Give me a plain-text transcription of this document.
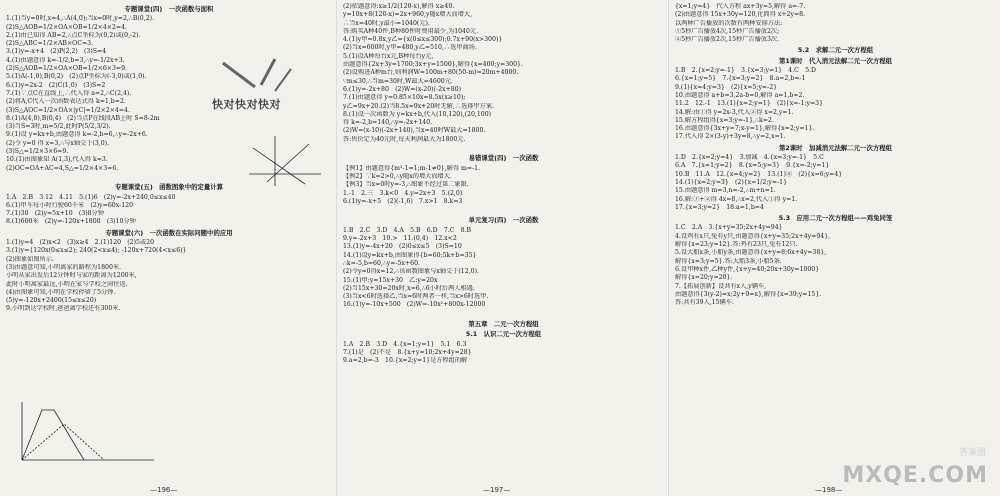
专题课堂(四)　一次函数与面积

1.(1)当y=0时,x=4,∴A(4,0);当x=0时,y=2,∴B(0,2).

(2)S△AOB=1/2×OA×OB=1/2×4×2=4.

2.(1)由已知得 AB=2,∴点C坐标为(0,2)或(0,-2).

(2)S△ABC=1/2×AB×OC=3.

3.(1)y=-x+4　(2)P(2,2)　(3)S=4

4.(1)由题意得 k=-1/2,b=3,∴y=-1/2x+3.

(2)S△AOB=1/2×OA×OB=1/2×6×3=9.

5.(1)A(-1,0),B(0,2)　(2)点P坐标为(-3,0)或(1,0).

6.(1)y=2x-2　(2)C(1,0)　(3)S=2

7.(1)∵点C在直线上,∴代入得 a=2,∴C(2,4).

(2)将A,C代入一次函数表达式得 k=1,b=2.

(3)S△AOC=1/2×OA×|yC|=1/2×2×4=4.

8.(1)A(4,0),B(0,4)　(2)当点P在线段AB上时 S=8-2m

(3)当S=3时,m=5/2,此时P(5/2,3/2).

9.(1)设 y=kx+b,由题意得 k=-2,b=6,∴y=-2x+6.

(2)令 y=0 得 x=3,∴与x轴交于(3,0).

(3)S△=1/2×3×6=9.

10.(1)由图象知 A(1,3),代入得 k=3.

(2)OC=OA+AC=4,S△=1/2×4×3=6.

专题课堂(五)　函数图象中的定量计算

1.A　2.B　3.12　4.11　5.(1)6　(2)y=-2x+240,0≤x≤40

6.(1)甲车每小时行驶60千米　(2)y=60x-120

7.(1)30　(2)y=5x+10　(3)8分钟

8.(1)600米　(2)y=-120x+1800　(3)10分钟

专题课堂(六)　一次函数在实际问题中的应用

1.(1)y=4　(2)x<2　(3)x≥4　2.(1)120　(2)5或20

3.(1)y={120x(0≤x≤2); 240(2<x≤4); -120x+720(4<x≤6)}

(2)图象如图所示.

(3)由题意可知,小明离家的路程为1800米.

小明从家出发后12分钟时与家的距离为1200米,

此时小明离家最远,小明在家与学校之间往返.

(4)由图象可知,小明在学校停留了5分钟.

(5)y=-120x+2400(15≤x≤20)

9.小明到达学校时,爸爸离学校还有300米.

—196—
快对快对快对

(2)依题意得:x≥1/2(120-x),解得 x≥40.

y=10x+8(120-x)=2x+960,y随x增大而增大,

∴当x=40时,y最小=1040(元).

答:购买A种40件,B种80件时费用最少,为1040元.

4.(1)y甲=0.8x,y乙={x(0≤x≤300);0.7x+90(x>300)}

(2)当x=600时,y甲=480,y乙=510,∴选甲商场.

5.(1)设A种每台x元,B种每台y元,

由题意得{2x+3y=1700;3x+y=1500},解得{x=400;y=300}.

(2)设购进A种m台,则利润W=100m+80(50-m)=20m+4000.

∵m≤30,∴当m=30时,W最大=4600元.

6.(1)y=-2x+80　(2)W=(x-20)(-2x+80)

7.(1)由题意得 y=0.85×10x=8.5x(x≥10);

y乙=9x+20.(2)当8.5x=9x+20时无解,∴选择甲方案.

8.(1)设一次函数为 y=kx+b,代入(10,120),(20,100)

得 k=-2,b=140,∴y=-2x+140.

(2)W=(x-10)(-2x+140),当x=40时W最大=1800.

答:售价定为40元时,每天利润最大为1800元.

易错课堂(四)　一次函数

【例1】由题意得{m²-1=1;m-1≠0},解得 m=-1.

【例2】∵k=2>0,∴y随x的增大而增大.

【例3】当x=0时y=-3,∴图象不经过第二象限.

1.-1　2.三　3.k<0　4.y=2x+3　5.(2,0)

6.(1)y=-x+5　(2)(-1,6)　7.x>1　8.k=3

单元复习(四)　一次函数

1.B　2.C　3.D　4.A　5.B　6.D　7.C　8.B

9.y=-2x+3　10.>　11.(0,4)　12.x<2

13.(1)y=-4x+20　(2)0≤x≤5　(3)S=10

14.(1)设y=kx+b,由图象得{b=60;5k+b=35}

∴k=-5,b=60,∴y=-5x+60.

(2)令y=0得x=12,∴该函数图象与x轴交于(12,0).

15.(1)甲:y=15x+30　乙:y=20x

(2)当15x+30=20x时,x=6,∴6小时后两人相遇.

(3)当x<6时选择乙,当x=6时两者一样,当x>6时选甲.

16.(1)y=-10x+500　(2)W=-10x²+800x-12000

第五章　二元一次方程组

5.1　认识二元一次方程组

1.A　2.B　3.D　4.{x=1;y=1}　5.1　6.3

7.(1)是　(2)不是　8.{x+y=10;2x+4y=28}

9.a=2,b=-3　10.{x=2;y=1}是方程组的解

—197—

{x=1;y=4}　代入方程 ax+3y=5,解得 a=-7.

(2)由题意得 15x+30y=120,化简得 x+2y=8.

以两种广告播放的次数有两种安排方法:

①5秒广告播放4次,15秒广告播放2次;

②5秒广告播放2次,15秒广告播放3次.

5.2　求解二元一次方程组

第1课时　代入消元法解二元一次方程组

1.B　2.{x=2;y=-1}　3.{x=3;y=1}　4.C　5.D

6.{x=1;y=5}　7.{x=3;y=2}　8.a=2,b=-1

9.(1){x=4;y=3}　(2){x=5;y=-2}

10.由题意得 a+b=3,2a-b=0,解得 a=1,b=2.

11.2　12.-1　13.(1){x=2;y=1}　(2){x=-1;y=3}

14.解:由①得 y=2x-3,代入②得 x=2,y=1.

15.解方程组得{x=3;y=-1},∴k=2.

16.由题意得{3x+y=7;x-y=1},解得{x=2;y=1}.

17.代入得 2×(3-y)+3y=8,∴y=2,x=1.

第2课时　加减消元法解二元一次方程组

1.D　2.{x=2;y=4}　3.加减　4.{x=3;y=-1}　5.C

6.A　7.{x=1;y=2}　8.{x=5;y=3}　9.{x=-2;y=1}

10.B　11.A　12.{x=4;y=2}　13.(1)④　(2){x=6;y=4}

14.(1){x=2;y=3}　(2){x=1/2;y=-1}

15.由题意得 m=3,n=-2,∴m+n=1.

16.解:①+②得 4x=8,∴x=2,代入①得 y=1.

17.{x=3;y=2}　18.a=1,b=4

5.3　应用二元一次方程组——鸡兔同笼

1.C　2.A　3.{x+y=35;2x+4y=94}

4.设鸡有x只,兔有y只,由题意得{x+y=35;2x+4y=94},

解得{x=23;y=12}.答:鸡有23只,兔有12只.

5.设大船x条,小船y条,由题意得{x+y=8;6x+4y=38},

解得{x=3;y=5}.答:大船3条,小船5条.

6.设甲种x件,乙种y件,{x+y=40;20x+30y=1000}

解得{x=20;y=20}.

7.【拓展创新】设共有x人,y辆车,

由题意得{3(y-2)=x;2y+9=x},解得{x=39;y=15}.

答:共有39人,15辆车.

—198—
答案圈
MXQE.COM
